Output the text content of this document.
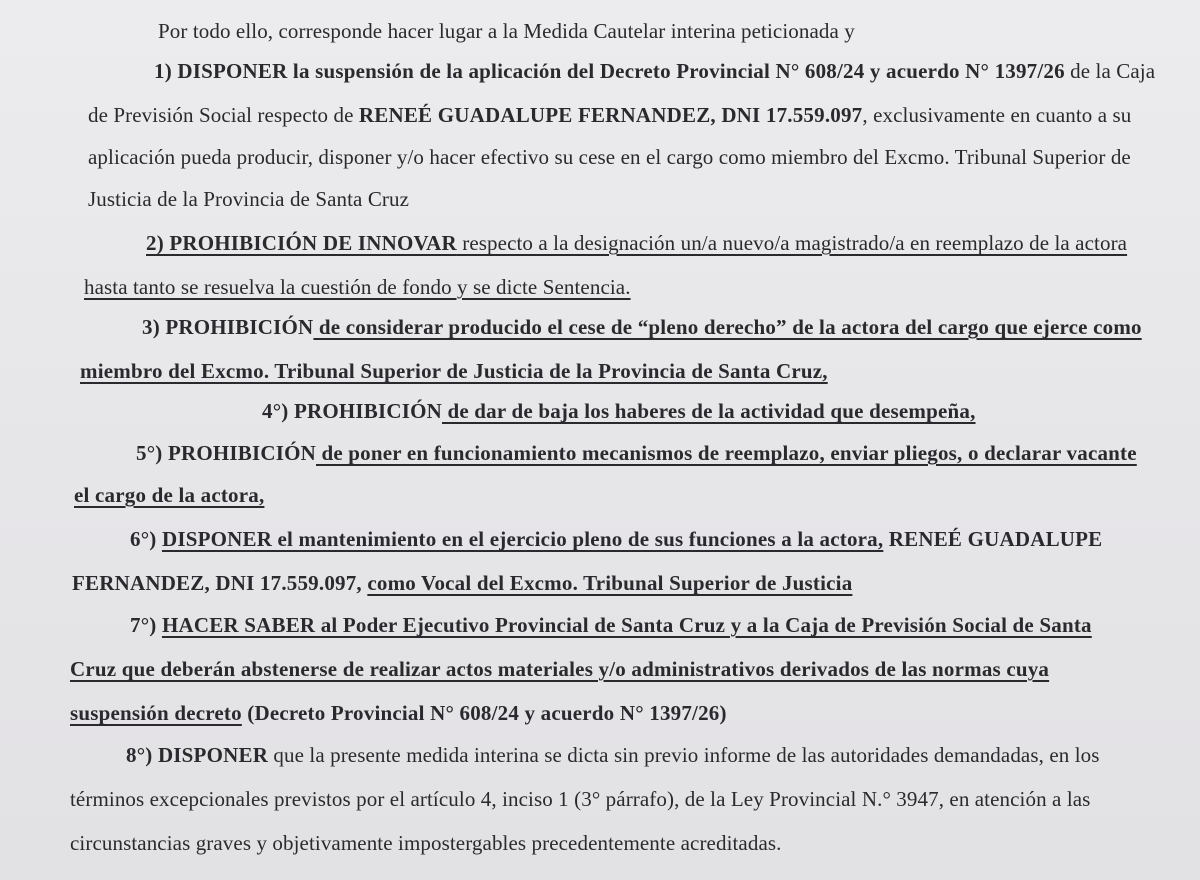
Por todo ello, corresponde hacer lugar a la Medida Cautelar interina peticionada y
1) DISPONER la suspensión de la aplicación del Decreto Provincial N° 608/24 y acuerdo N° 1397/26 de la Caja
de Previsión Social respecto de RENEÉ GUADALUPE FERNANDEZ, DNI 17.559.097, exclusivamente en cuanto a su
aplicación pueda producir, disponer y/o hacer efectivo su cese en el cargo como miembro del Excmo. Tribunal Superior de
Justicia de la Provincia de Santa Cruz
2) PROHIBICIÓN DE INNOVAR respecto a la designación un/a nuevo/a magistrado/a en reemplazo de la actora
hasta tanto se resuelva la cuestión de fondo y se dicte Sentencia.
3) PROHIBICIÓN de considerar producido el cese de “pleno derecho” de la actora del cargo que ejerce como
miembro del Excmo. Tribunal Superior de Justicia de la Provincia de Santa Cruz,
4°) PROHIBICIÓN de dar de baja los haberes de la actividad que desempeña,
5°) PROHIBICIÓN de poner en funcionamiento mecanismos de reemplazo, enviar pliegos, o declarar vacante
el cargo de la actora,
6°) DISPONER el mantenimiento en el ejercicio pleno de sus funciones a la actora, RENEÉ GUADALUPE
FERNANDEZ, DNI 17.559.097, como Vocal del Excmo. Tribunal Superior de Justicia
7°) HACER SABER al Poder Ejecutivo Provincial de Santa Cruz y a la Caja de Previsión Social de Santa
Cruz que deberán abstenerse de realizar actos materiales y/o administrativos derivados de las normas cuya
suspensión decreto (Decreto Provincial N° 608/24 y acuerdo N° 1397/26)
8°) DISPONER que la presente medida interina se dicta sin previo informe de las autoridades demandadas, en los
términos excepcionales previstos por el artículo 4, inciso 1 (3° párrafo), de la Ley Provincial N.° 3947, en atención a las
circunstancias graves y objetivamente impostergables precedentemente acreditadas.
